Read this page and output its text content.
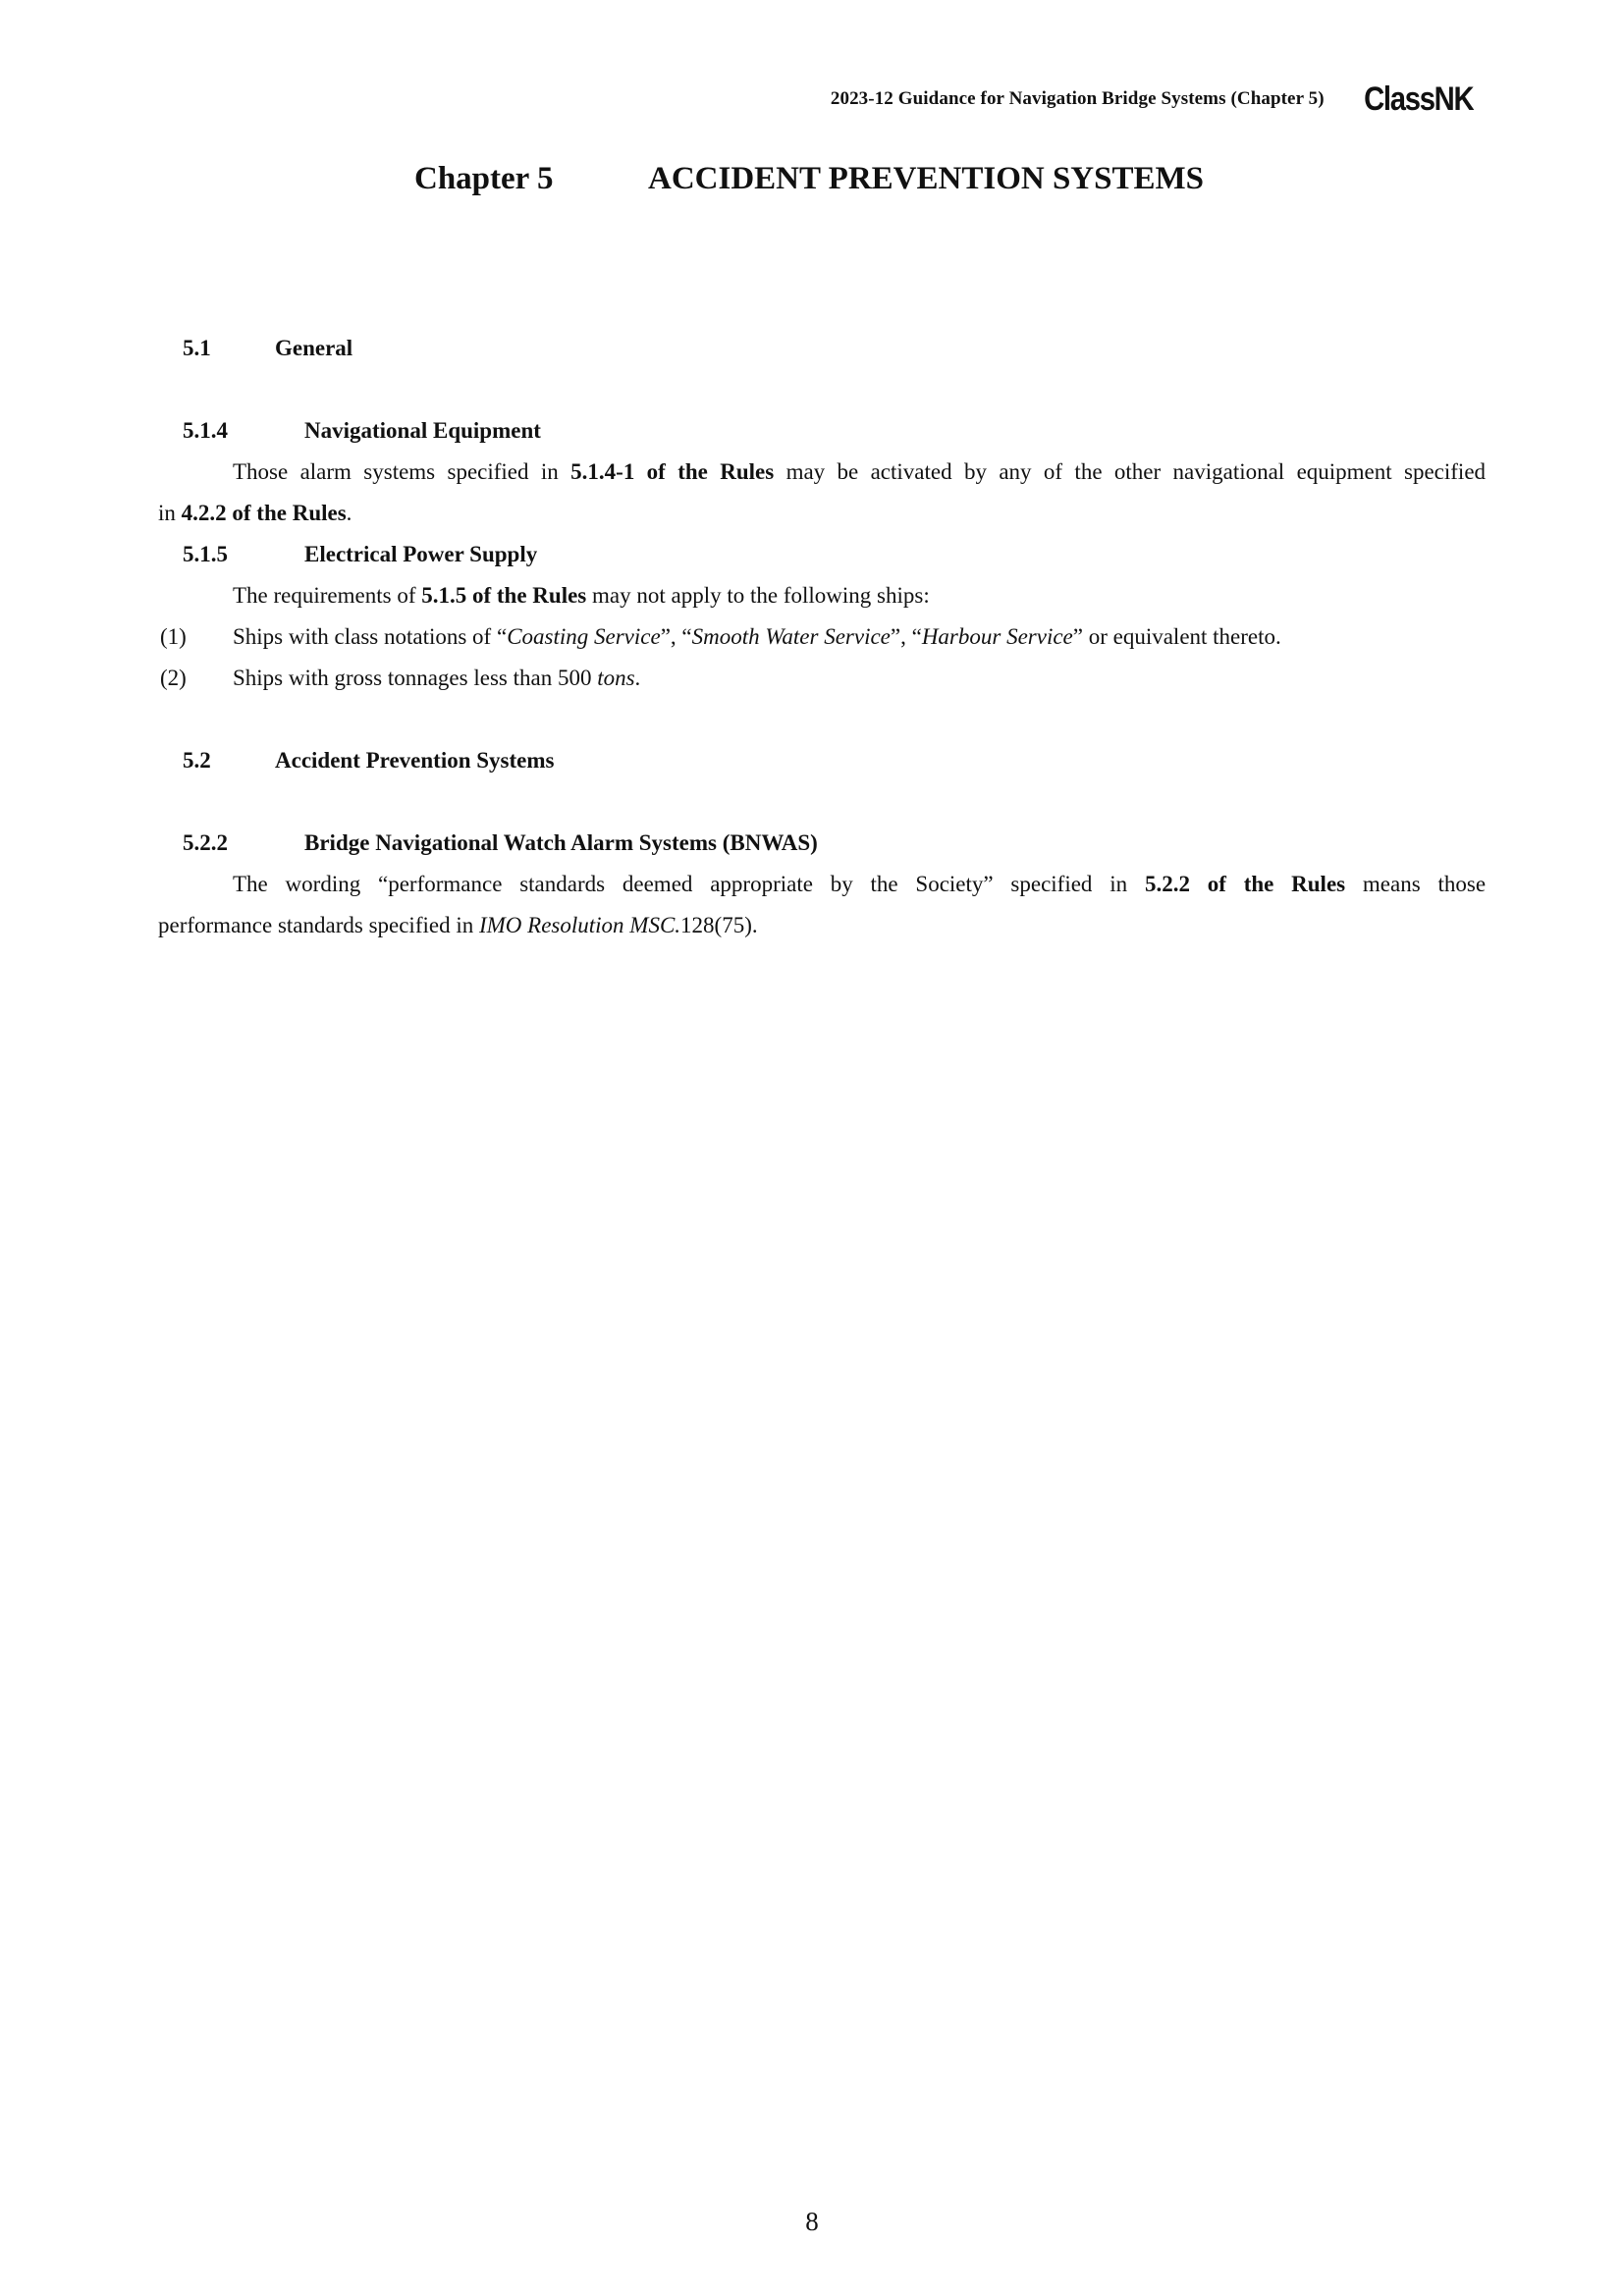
2023-12 Guidance for Navigation Bridge Systems (Chapter 5) ClassNK
Chapter 5	ACCIDENT PREVENTION SYSTEMS
5.1	General
5.1.4	Navigational Equipment
Those alarm systems specified in 5.1.4-1 of the Rules may be activated by any of the other navigational equipment specified
in 4.2.2 of the Rules.
5.1.5	Electrical Power Supply
The requirements of 5.1.5 of the Rules may not apply to the following ships:
(1) Ships with class notations of “Coasting Service”, “Smooth Water Service”, “Harbour Service” or equivalent thereto.
(2) Ships with gross tonnages less than 500 tons.
5.2	Accident Prevention Systems
5.2.2	Bridge Navigational Watch Alarm Systems (BNWAS)
The wording “performance standards deemed appropriate by the Society” specified in 5.2.2 of the Rules means those
performance standards specified in IMO Resolution MSC.128(75).
8
